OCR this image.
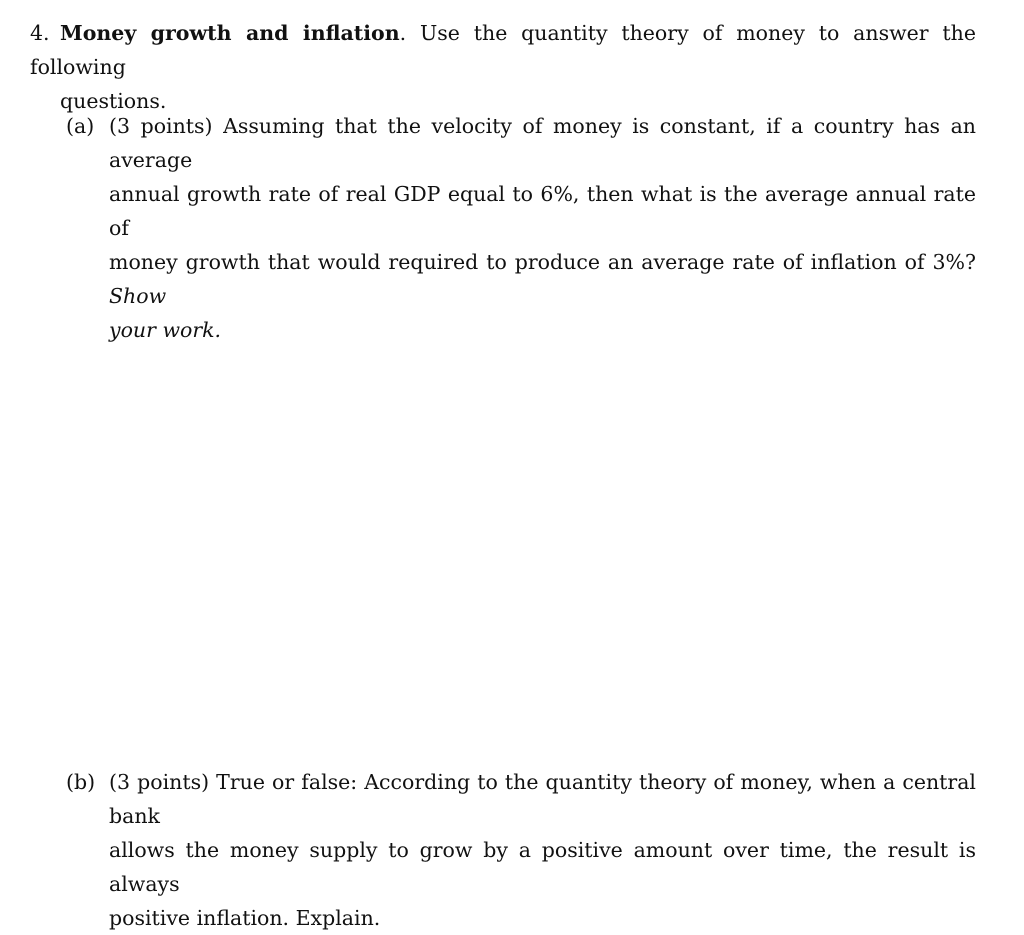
4. Money growth and inflation. Use the quantity theory of money to answer the following
questions.
(a) (3 points) Assuming that the velocity of money is constant, if a country has an average
annual growth rate of real GDP equal to 6%, then what is the average annual rate of
money growth that would required to produce an average rate of inflation of 3%? Show
your work.
(b) (3 points) True or false: According to the quantity theory of money, when a central bank
allows the money supply to grow by a positive amount over time, the result is always
positive inflation. Explain.
